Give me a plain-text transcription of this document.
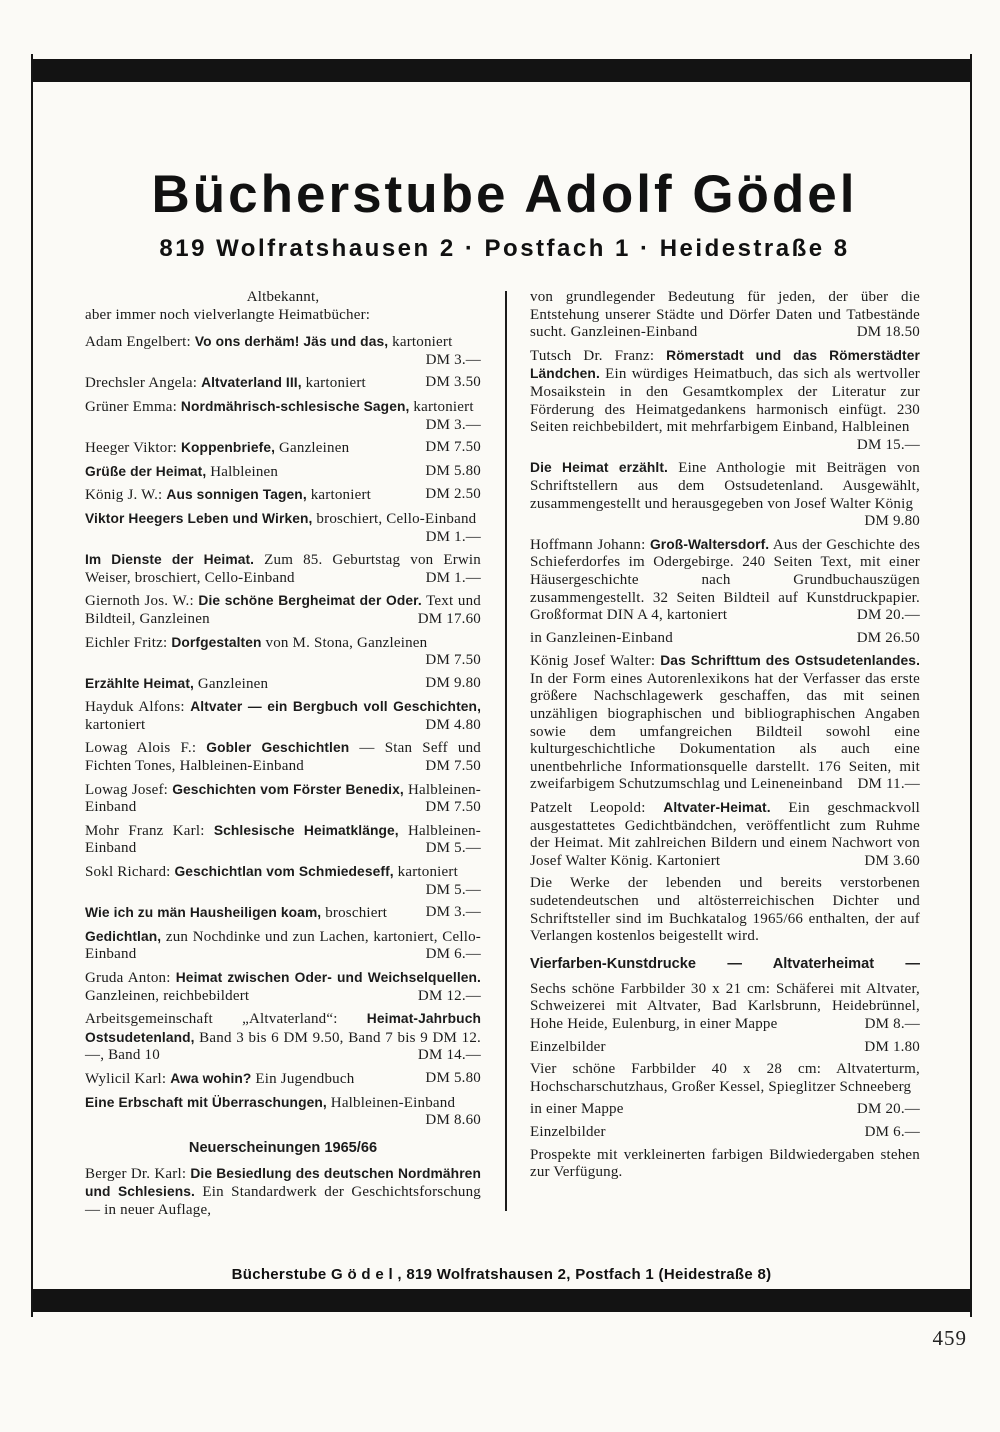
Bücherstube Adolf Gödel
819 Wolfratshausen 2 · Postfach 1 · Heidestraße 8
Altbekannt,
aber immer noch vielverlangte Heimatbücher:
Adam Engelbert: Vo ons derhäm! Jäs und das, kartoniert
DM 3.—
Drechsler Angela: Altvaterland III, kartoniert	DM 3.50
Grüner Emma: Nordmährisch-schlesische Sagen, kartoniert
DM 3.—
Heeger Viktor: Koppenbriefe, Ganzleinen	DM 7.50
Grüße der Heimat, Halbleinen	DM 5.80
König J. W.: Aus sonnigen Tagen, kartoniert	DM 2.50
Viktor Heegers Leben und Wirken, broschiert, Cello-Einband
DM 1.—
Im Dienste der Heimat. Zum 85. Geburtstag von Erwin Weiser, broschiert, Cello-Einband	DM 1.—
Giernoth Jos. W.: Die schöne Bergheimat der Oder. Text und Bildteil, Ganzleinen	DM 17.60
Eichler Fritz: Dorfgestalten von M. Stona, Ganzleinen
DM 7.50
Erzählte Heimat, Ganzleinen	DM 9.80
Hayduk Alfons: Altvater — ein Bergbuch voll Geschichten, kartoniert	DM 4.80
Lowag Alois F.: Gobler Geschichtlen — Stan Seff und Fichten Tones, Halbleinen-Einband	DM 7.50
Lowag Josef: Geschichten vom Förster Benedix, Halbleinen-Einband	DM 7.50
Mohr Franz Karl: Schlesische Heimatklänge, Halbleinen-Einband	DM 5.—
Sokl Richard: Geschichtlan vom Schmiedeseff, kartoniert
DM 5.—
Wie ich zu män Hausheiligen koam, broschiert	DM 3.—
Gedichtlan, zun Nochdinke und zun Lachen, kartoniert, Cello-Einband	DM 6.—
Gruda Anton: Heimat zwischen Oder- und Weichselquellen. Ganzleinen, reichbebildert	DM 12.—
Arbeitsgemeinschaft „Altvaterland“: Heimat-Jahrbuch Ostsudetenland, Band 3 bis 6 DM 9.50, Band 7 bis 9 DM 12.—, Band 10	DM 14.—
Wylicil Karl: Awa wohin? Ein Jugendbuch	DM 5.80
Eine Erbschaft mit Überraschungen, Halbleinen-Einband
DM 8.60
Neuerscheinungen 1965/66
Berger Dr. Karl: Die Besiedlung des deutschen Nordmähren und Schlesiens. Ein Standardwerk der Geschichtsforschung — in neuer Auflage,
von grundlegender Bedeutung für jeden, der über die Entstehung unserer Städte und Dörfer Daten und Tatbestände sucht. Ganzleinen-Einband	DM 18.50
Tutsch Dr. Franz: Römerstadt und das Römerstädter Ländchen. Ein würdiges Heimatbuch, das sich als wertvoller Mosaikstein in den Gesamtkomplex der Literatur zur Förderung des Heimatgedankens harmonisch einfügt. 230 Seiten reichbebildert, mit mehrfarbigem Einband, Halbleinen
DM 15.—
Die Heimat erzählt. Eine Anthologie mit Beiträgen von Schriftstellern aus dem Ostsudetenland. Ausgewählt, zusammengestellt und herausgegeben von Josef Walter König
DM 9.80
Hoffmann Johann: Groß-Waltersdorf. Aus der Geschichte des Schieferdorfes im Odergebirge. 240 Seiten Text, mit einer Häusergeschichte nach Grundbuchauszügen zusammengestellt. 32 Seiten Bildteil auf Kunstdruckpapier. Großformat DIN A 4, kartoniert	DM 20.—
in Ganzleinen-Einband	DM 26.50
König Josef Walter: Das Schrifttum des Ostsudetenlandes. In der Form eines Autorenlexikons hat der Verfasser das erste größere Nachschlagewerk geschaffen, das mit seinen unzähligen biographischen und bibliographischen Angaben sowie dem umfangreichen Bildteil sowohl eine kulturgeschichtliche Dokumentation als auch eine unentbehrliche Informationsquelle darstellt. 176 Seiten, mit zweifarbigem Schutzumschlag und Leineneinband DM 11.—
Patzelt Leopold: Altvater-Heimat. Ein geschmackvoll ausgestattetes Gedichtbändchen, veröffentlicht zum Ruhme der Heimat. Mit zahlreichen Bildern und einem Nachwort von Josef Walter König. Kartoniert	DM 3.60
Die Werke der lebenden und bereits verstorbenen sudetendeutschen und altösterreichischen Dichter und Schriftsteller sind im Buchkatalog 1965/66 enthalten, der auf Verlangen kostenlos beigestellt wird.
Vierfarben-Kunstdrucke — Altvaterheimat —
Sechs schöne Farbbilder 30 x 21 cm: Schäferei mit Altvater, Schweizerei mit Altvater, Bad Karlsbrunn, Heidebrünnel, Hohe Heide, Eulenburg, in einer Mappe	DM 8.—
Einzelbilder	DM 1.80
Vier schöne Farbbilder 40 x 28 cm: Altvaterturm, Hochscharschutzhaus, Großer Kessel, Spieglitzer Schneeberg
in einer Mappe	DM 20.—
Einzelbilder	DM 6.—
Prospekte mit verkleinerten farbigen Bildwiedergaben stehen zur Verfügung.
Bücherstube G ö d e l , 819 Wolfratshausen 2, Postfach 1 (Heidestraße 8)
459
